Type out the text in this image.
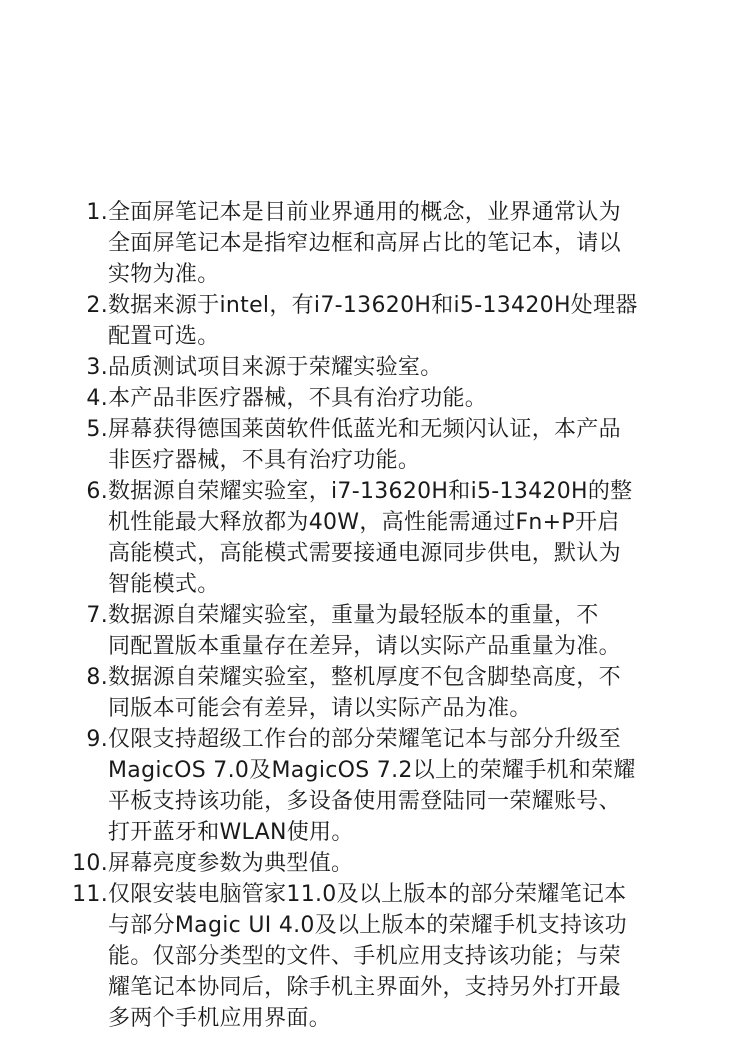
1. 全面屏笔记本是目前业界通用的概念，业界通常认为
全面屏笔记本是指窄边框和高屏占比的笔记本，请以
实物为准。
2. 数据来源于intel，有i7-13620H和i5-13420H处理器
配置可选。
3. 品质测试项目来源于荣耀实验室。
4. 本产品非医疗器械，不具有治疗功能。
5. 屏幕获得德国莱茵软件低蓝光和无频闪认证，本产品
非医疗器械，不具有治疗功能。
6. 数据源自荣耀实验室，i7-13620H和i5-13420H的整
机性能最大释放都为40W，高性能需通过Fn+P开启
高能模式，高能模式需要接通电源同步供电，默认为
智能模式。
7. 数据源自荣耀实验室，重量为最轻版本的重量，不
同配置版本重量存在差异，请以实际产品重量为准。
8. 数据源自荣耀实验室，整机厚度不包含脚垫高度，不
同版本可能会有差异，请以实际产品为准。
9. 仅限支持超级工作台的部分荣耀笔记本与部分升级至
MagicOS 7.0及MagicOS 7.2以上的荣耀手机和荣耀
平板支持该功能，多设备使用需登陆同一荣耀账号、
打开蓝牙和WLAN使用。
10. 屏幕亮度参数为典型值。
11. 仅限安装电脑管家11.0及以上版本的部分荣耀笔记本
与部分Magic UI 4.0及以上版本的荣耀手机支持该功
能。仅部分类型的文件、手机应用支持该功能；与荣
耀笔记本协同后，除手机主界面外，支持另外打开最
多两个手机应用界面。
